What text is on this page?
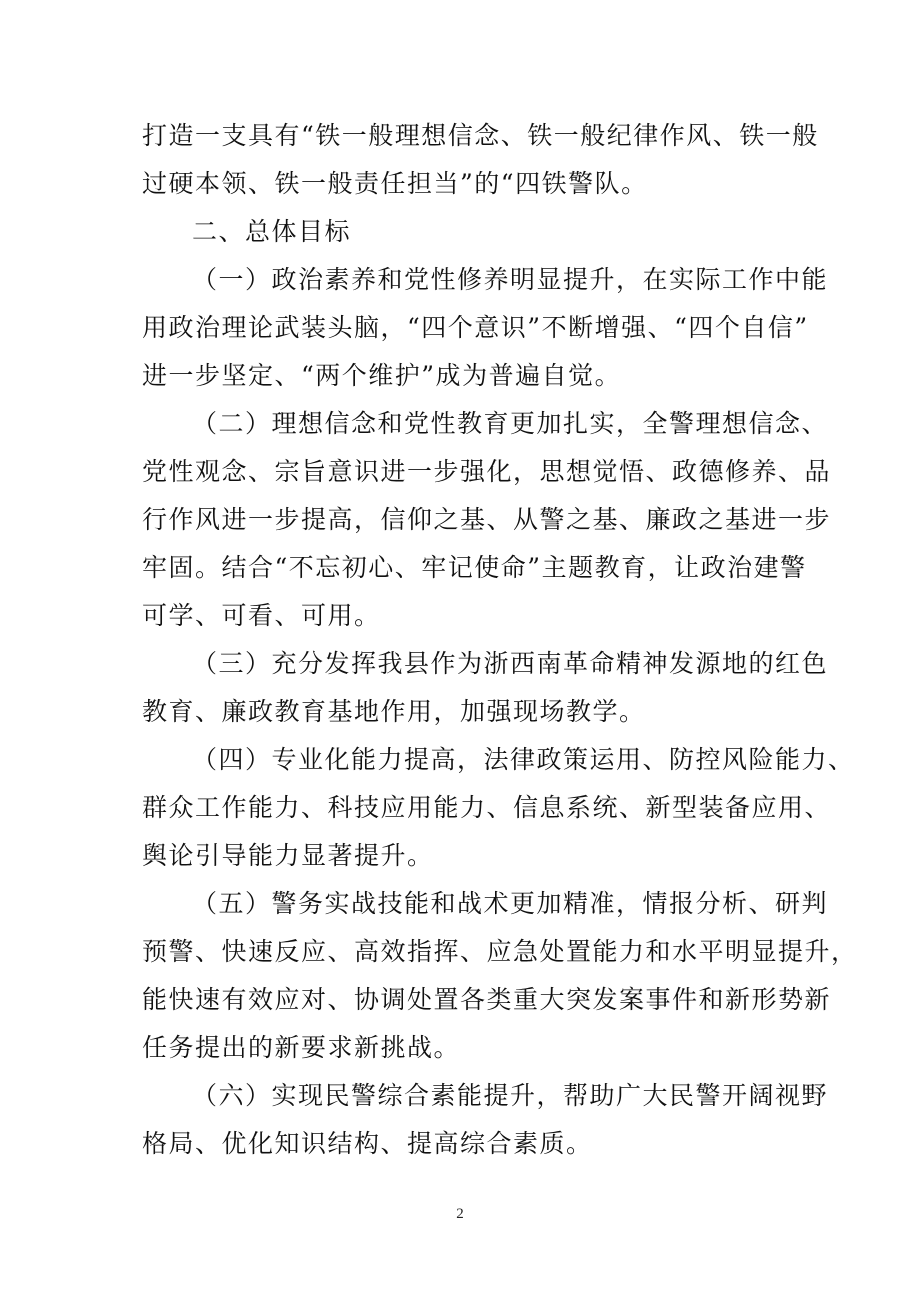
打造一支具有“铁一般理想信念、铁一般纪律作风、铁一般
过硬本领、铁一般责任担当”的“四铁警队。

二、总体目标

（一）政治素养和党性修养明显提升，在实际工作中能
用政治理论武装头脑，“四个意识”不断增强、“四个自信”
进一步坚定、“两个维护”成为普遍自觉。

（二）理想信念和党性教育更加扎实，全警理想信念、
党性观念、宗旨意识进一步强化，思想觉悟、政德修养、品
行作风进一步提高，信仰之基、从警之基、廉政之基进一步
牢固。结合“不忘初心、牢记使命”主题教育，让政治建警
可学、可看、可用。

（三）充分发挥我县作为浙西南革命精神发源地的红色
教育、廉政教育基地作用，加强现场教学。

（四）专业化能力提高，法律政策运用、防控风险能力、
群众工作能力、科技应用能力、信息系统、新型装备应用、
舆论引导能力显著提升。

（五）警务实战技能和战术更加精准，情报分析、研判
预警、快速反应、高效指挥、应急处置能力和水平明显提升，
能快速有效应对、协调处置各类重大突发案事件和新形势新
任务提出的新要求新挑战。

（六）实现民警综合素能提升，帮助广大民警开阔视野
格局、优化知识结构、提高综合素质。

2
